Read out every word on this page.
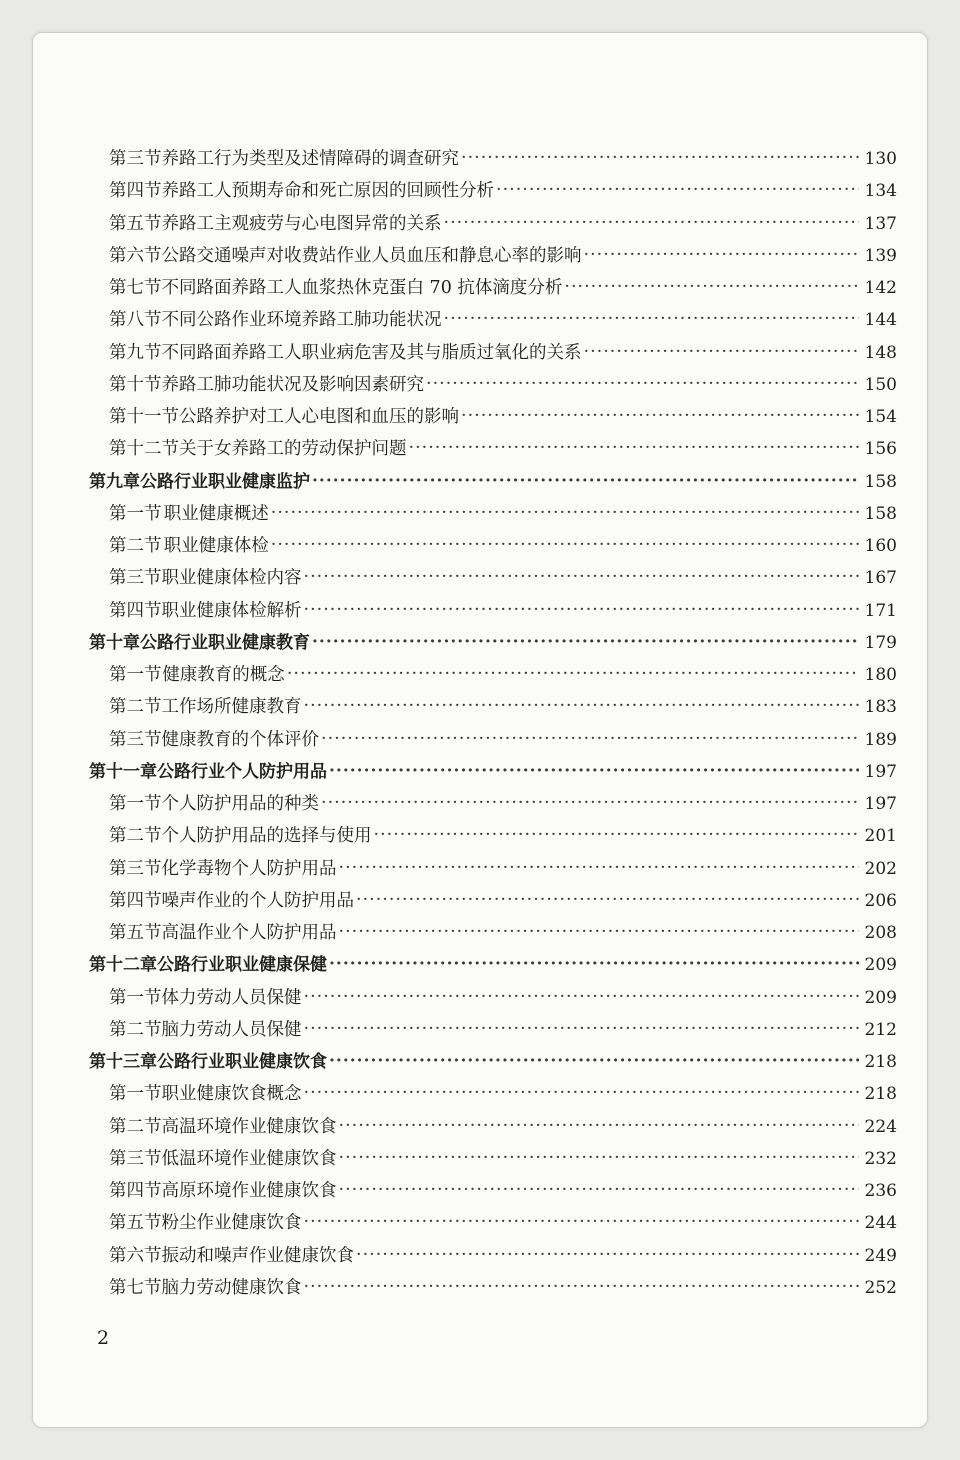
第三节 养路工行为类型及述情障碍的调查研究 ·····	130
第四节 养路工人预期寿命和死亡原因的回顾性分析 ·····	134
第五节 养路工主观疲劳与心电图异常的关系 ·····	137
第六节 公路交通噪声对收费站作业人员血压和静息心率的影响 ·····	139
第七节 不同路面养路工人血浆热休克蛋白 70 抗体滴度分析 ·····	142
第八节 不同公路作业环境养路工肺功能状况 ·····	144
第九节 不同路面养路工人职业病危害及其与脂质过氧化的关系 ·····	148
第十节 养路工肺功能状况及影响因素研究 ·····	150
第十一节 公路养护对工人心电图和血压的影响 ·····	154
第十二节 关于女养路工的劳动保护问题 ·····	156
第九章 公路行业职业健康监护 ·····	158
第一节 职业健康概述 ·····	158
第二节 职业健康体检 ·····	160
第三节 职业健康体检内容 ·····	167
第四节 职业健康体检解析 ·····	171
第十章 公路行业职业健康教育 ·····	179
第一节 健康教育的概念 ·····	180
第二节 工作场所健康教育 ·····	183
第三节 健康教育的个体评价 ·····	189
第十一章 公路行业个人防护用品 ·····	197
第一节 个人防护用品的种类 ·····	197
第二节 个人防护用品的选择与使用 ·····	201
第三节 化学毒物个人防护用品 ·····	202
第四节 噪声作业的个人防护用品 ·····	206
第五节 高温作业个人防护用品 ·····	208
第十二章 公路行业职业健康保健 ·····	209
第一节 体力劳动人员保健 ·····	209
第二节 脑力劳动人员保健 ·····	212
第十三章 公路行业职业健康饮食 ·····	218
第一节 职业健康饮食概念 ·····	218
第二节 高温环境作业健康饮食 ·····	224
第三节 低温环境作业健康饮食 ·····	232
第四节 高原环境作业健康饮食 ·····	236
第五节 粉尘作业健康饮食 ·····	244
第六节 振动和噪声作业健康饮食 ·····	249
第七节 脑力劳动健康饮食 ·····	252
2
